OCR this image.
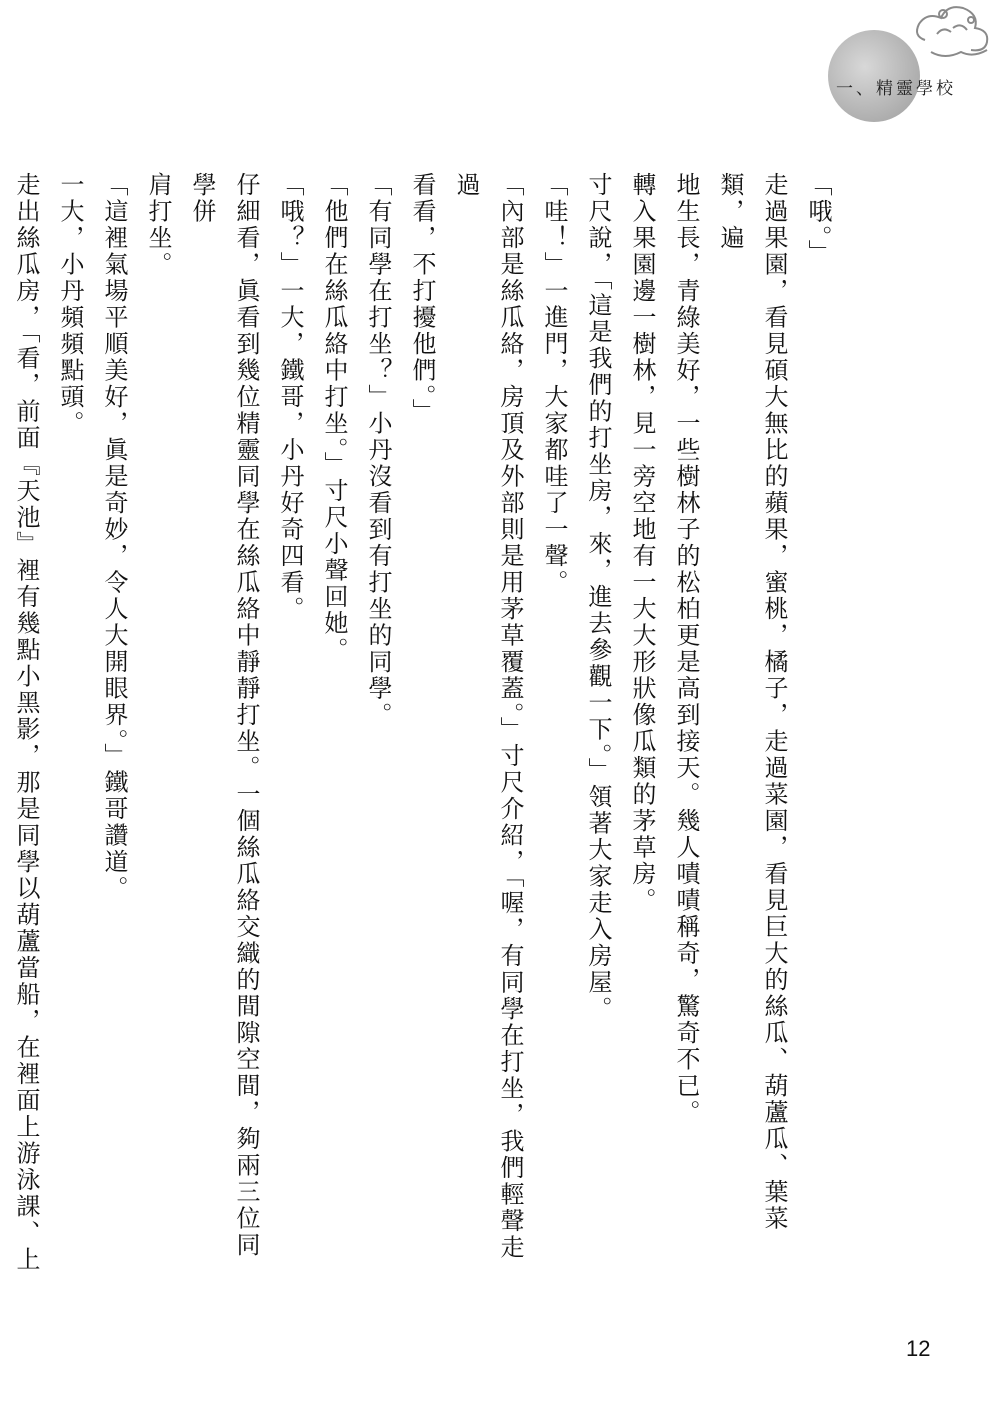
一、精靈學校

「哦。」

走過果園，看見碩大無比的蘋果，蜜桃，橘子，走過菜園，看見巨大的絲瓜、葫蘆瓜、葉菜類，遍

地生長，青綠美好，一些樹林子的松柏更是高到接天。幾人嘖嘖稱奇，驚奇不已。

轉入果園邊一樹林，見一旁空地有一大大形狀像瓜類的茅草房。

寸尺說，「這是我們的打坐房，來，進去參觀一下。」領著大家走入房屋。

「哇！」一進門，大家都哇了一聲。

「內部是絲瓜絡，房頂及外部則是用茅草覆蓋。」寸尺介紹，「喔，有同學在打坐，我們輕聲走過

看看，不打擾他們。」

「有同學在打坐？」小丹沒看到有打坐的同學。

「他們在絲瓜絡中打坐。」寸尺小聲回她。

「哦？」一大，鐵哥，小丹好奇四看。

仔細看，眞看到幾位精靈同學在絲瓜絡中靜靜打坐。一個絲瓜絡交織的間隙空間，夠兩三位同學併

肩打坐。

「這裡氣場平順美好，眞是奇妙，令人大開眼界。」鐵哥讚道。

一大，小丹頻頻點頭。

走出絲瓜房，「看，前面『天池』裡有幾點小黑影，那是同學以葫蘆當船，在裡面上游泳課、上

12
